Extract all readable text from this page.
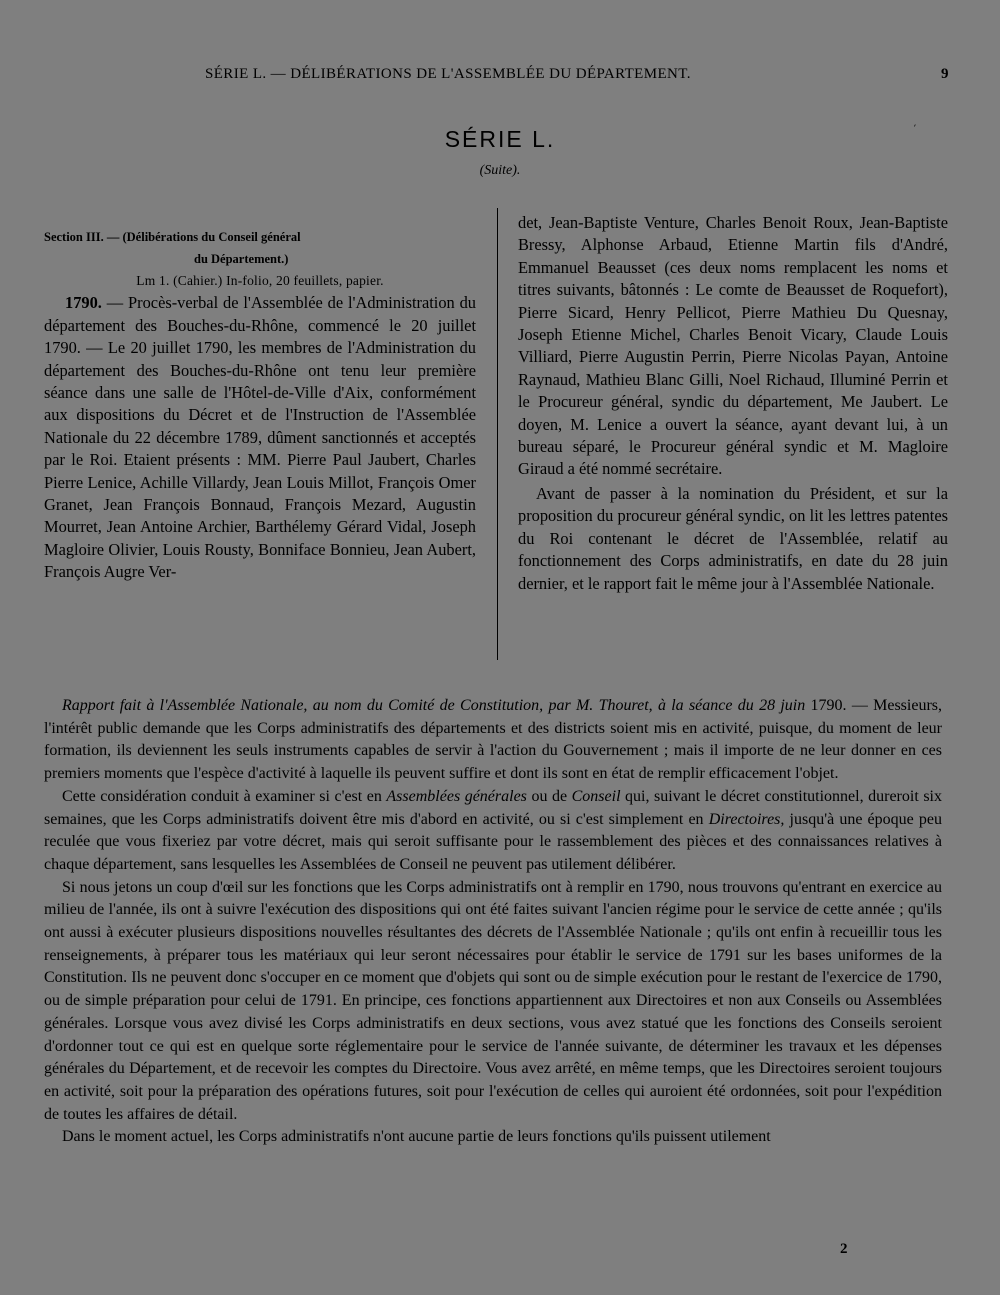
SÉRIE L. — DÉLIBÉRATIONS DE L'ASSEMBLÉE DU DÉPARTEMENT.	9
´
SÉRIE L.
(Suite).

Section III. — (Délibérations du Conseil général
du Département.)

Lm 1. (Cahier.) In-folio, 20 feuillets, papier.

1790. — Procès-verbal de l'Assemblée de l'Administration du département des Bouches-du-Rhône, commencé le 20 juillet 1790. — Le 20 juillet 1790, les membres de l'Administration du département des Bouches-du-Rhône ont tenu leur première séance dans une salle de l'Hôtel-de-Ville d'Aix, conformément aux dispositions du Décret et de l'Instruction de l'Assemblée Nationale du 22 décembre 1789, dûment sanctionnés et acceptés par le Roi. Etaient présents : MM. Pierre Paul Jaubert, Charles Pierre Lenice, Achille Villardy, Jean Louis Millot, François Omer Granet, Jean François Bonnaud, François Mezard, Augustin Mourret, Jean Antoine Archier, Barthélemy Gérard Vidal, Joseph Magloire Olivier, Louis Rousty, Bonniface Bonnieu, Jean Aubert, François Augre Ver-

det, Jean-Baptiste Venture, Charles Benoit Roux, Jean-Baptiste Bressy, Alphonse Arbaud, Etienne Martin fils d'André, Emmanuel Beausset (ces deux noms remplacent les noms et titres suivants, bâtonnés : Le comte de Beausset de Roquefort), Pierre Sicard, Henry Pellicot, Pierre Mathieu Du Quesnay, Joseph Etienne Michel, Charles Benoit Vicary, Claude Louis Villiard, Pierre Augustin Perrin, Pierre Nicolas Payan, Antoine Raynaud, Mathieu Blanc Gilli, Noel Richaud, Illuminé Perrin et le Procureur général, syndic du département, Me Jaubert. Le doyen, M. Lenice a ouvert la séance, ayant devant lui, à un bureau séparé, le Procureur général syndic et M. Magloire Giraud a été nommé secrétaire.

Avant de passer à la nomination du Président, et sur la proposition du procureur général syndic, on lit les lettres patentes du Roi contenant le décret de l'Assemblée, relatif au fonctionnement des Corps administratifs, en date du 28 juin dernier, et le rapport fait le même jour à l'Assemblée Nationale.

Rapport fait à l'Assemblée Nationale, au nom du Comité de Constitution, par M. Thouret, à la séance du 28 juin 1790. — Messieurs, l'intérêt public demande que les Corps administratifs des départements et des districts soient mis en activité, puisque, du moment de leur formation, ils deviennent les seuls instruments capables de servir à l'action du Gouvernement ; mais il importe de ne leur donner en ces premiers moments que l'espèce d'activité à laquelle ils peuvent suffire et dont ils sont en état de remplir efficacement l'objet.

Cette considération conduit à examiner si c'est en Assemblées générales ou de Conseil qui, suivant le décret constitutionnel, dureroit six semaines, que les Corps administratifs doivent être mis d'abord en activité, ou si c'est simplement en Directoires, jusqu'à une époque peu reculée que vous fixeriez par votre décret, mais qui seroit suffisante pour le rassemblement des pièces et des connaissances relatives à chaque département, sans lesquelles les Assemblées de Conseil ne peuvent pas utilement délibérer.

Si nous jetons un coup d'œil sur les fonctions que les Corps administratifs ont à remplir en 1790, nous trouvons qu'entrant en exercice au milieu de l'année, ils ont à suivre l'exécution des dispositions qui ont été faites suivant l'ancien régime pour le service de cette année ; qu'ils ont aussi à exécuter plusieurs dispositions nouvelles résultantes des décrets de l'Assemblée Nationale ; qu'ils ont enfin à recueillir tous les renseignements, à préparer tous les matériaux qui leur seront nécessaires pour établir le service de 1791 sur les bases uniformes de la Constitution. Ils ne peuvent donc s'occuper en ce moment que d'objets qui sont ou de simple exécution pour le restant de l'exercice de 1790, ou de simple préparation pour celui de 1791. En principe, ces fonctions appartiennent aux Directoires et non aux Conseils ou Assemblées générales. Lorsque vous avez divisé les Corps administratifs en deux sections, vous avez statué que les fonctions des Conseils seroient d'ordonner tout ce qui est en quelque sorte réglementaire pour le service de l'année suivante, de déterminer les travaux et les dépenses générales du Département, et de recevoir les comptes du Directoire. Vous avez arrêté, en même temps, que les Directoires seroient toujours en activité, soit pour la préparation des opérations futures, soit pour l'exécution de celles qui auroient été ordonnées, soit pour l'expédition de toutes les affaires de détail.

Dans le moment actuel, les Corps administratifs n'ont aucune partie de leurs fonctions qu'ils puissent utilement

2
